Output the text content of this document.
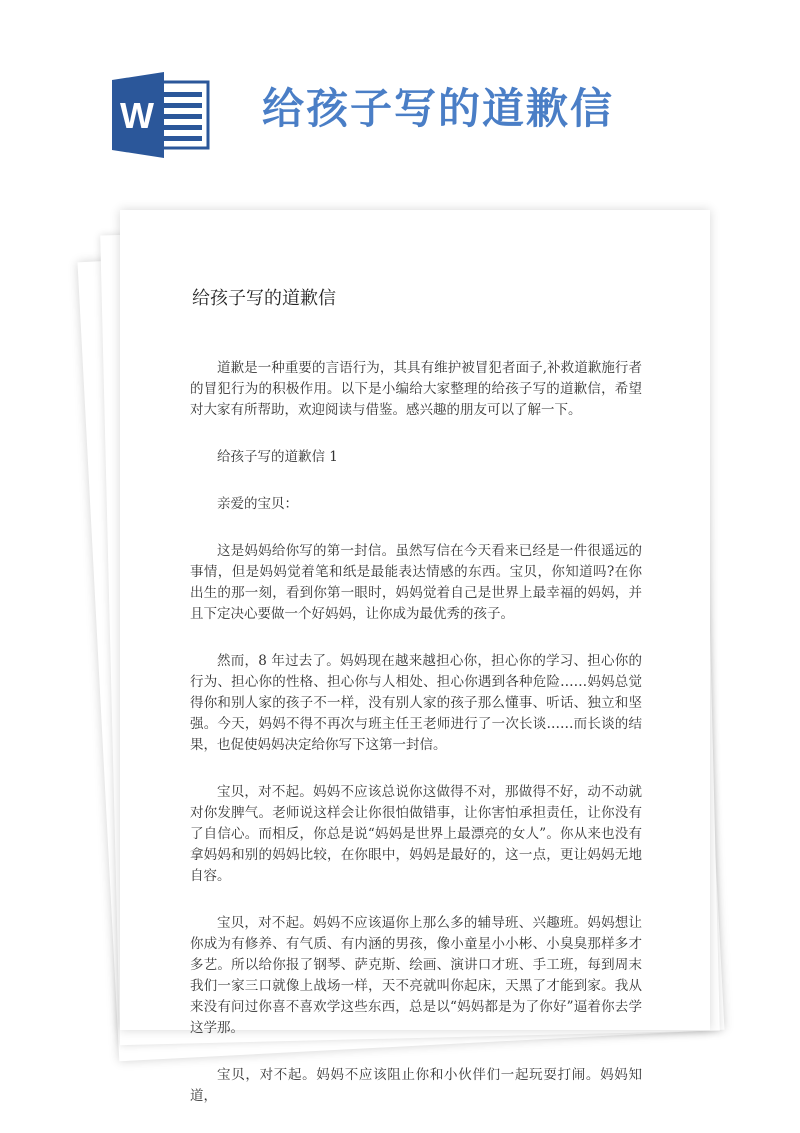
W	给孩子写的道歉信
给孩子写的道歉信

道歉是一种重要的言语行为，其具有维护被冒犯者面子,补救道歉施行者的冒犯行为的积极作用。以下是小编给大家整理的给孩子写的道歉信，希望对大家有所帮助，欢迎阅读与借鉴。感兴趣的朋友可以了解一下。

给孩子写的道歉信 1

亲爱的宝贝：

这是妈妈给你写的第一封信。虽然写信在今天看来已经是一件很遥远的事情，但是妈妈觉着笔和纸是最能表达情感的东西。宝贝，你知道吗?在你出生的那一刻，看到你第一眼时，妈妈觉着自己是世界上最幸福的妈妈，并且下定决心要做一个好妈妈，让你成为最优秀的孩子。

然而，8 年过去了。妈妈现在越来越担心你，担心你的学习、担心你的行为、担心你的性格、担心你与人相处、担心你遇到各种危险……妈妈总觉得你和别人家的孩子不一样，没有别人家的孩子那么懂事、听话、独立和坚强。今天，妈妈不得不再次与班主任王老师进行了一次长谈……而长谈的结果，也促使妈妈决定给你写下这第一封信。

宝贝，对不起。妈妈不应该总说你这做得不对，那做得不好，动不动就对你发脾气。老师说这样会让你很怕做错事，让你害怕承担责任，让你没有了自信心。而相反，你总是说“妈妈是世界上最漂亮的女人”。你从来也没有拿妈妈和别的妈妈比较，在你眼中，妈妈是最好的，这一点，更让妈妈无地自容。

宝贝，对不起。妈妈不应该逼你上那么多的辅导班、兴趣班。妈妈想让你成为有修养、有气质、有内涵的男孩，像小童星小小彬、小臭臭那样多才多艺。所以给你报了钢琴、萨克斯、绘画、演讲口才班、手工班，每到周末我们一家三口就像上战场一样，天不亮就叫你起床，天黑了才能到家。我从来没有问过你喜不喜欢学这些东西，总是以“妈妈都是为了你好”逼着你去学这学那。

宝贝，对不起。妈妈不应该阻止你和小伙伴们一起玩耍打闹。妈妈知道，
